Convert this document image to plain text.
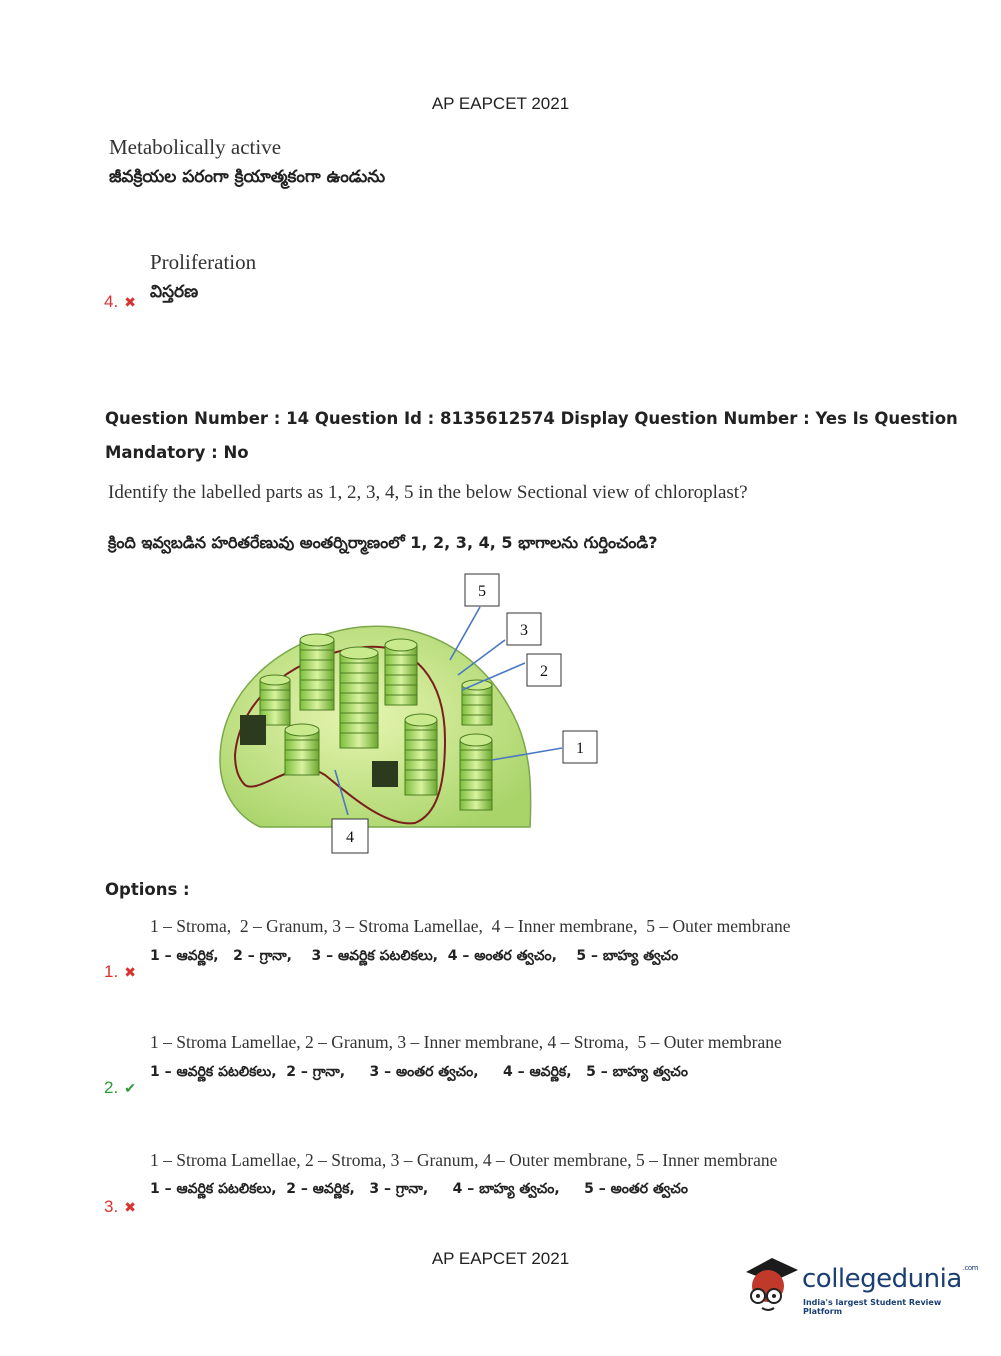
AP EAPCET 2021
Metabolically active
జీవక్రియల పరంగా క్రియాత్మకంగా ఉండును
Proliferation
విస్తరణ
4. ✖
Question Number : 14 Question Id : 8135612574 Display Question Number : Yes Is Question
Mandatory : No
Identify the labelled parts as 1, 2, 3, 4, 5 in the below Sectional view of chloroplast?
క్రింది ఇవ్వబడిన హరితరేణువు అంతర్నిర్మాణంలో 1, 2, 3, 4, 5 భాగాలను గుర్తించండి?
5
3
2
1
4
Options :
1 – Stroma,  2 – Granum, 3 – Stroma Lamellae,  4 – Inner membrane,  5 – Outer membrane
1 – ఆవర్ణిక,   2 – గ్రానా,    3 – ఆవర్ణిక పటలికలు,  4 – అంతర త్వచం,    5 – బాహ్య త్వచం
1. ✖
1 – Stroma Lamellae, 2 – Granum, 3 – Inner membrane, 4 – Stroma,  5 – Outer membrane
1 – ఆవర్ణిక పటలికలు,  2 – గ్రానా,     3 – అంతర త్వచం,     4 – ఆవర్ణిక,   5 – బాహ్య త్వచం
2. ✔
1 – Stroma Lamellae, 2 – Stroma, 3 – Granum, 4 – Outer membrane, 5 – Inner membrane
1 – ఆవర్ణిక పటలికలు,  2 – ఆవర్ణిక,   3 – గ్రానా,     4 – బాహ్య త్వచం,     5 – అంతర త్వచం
3. ✖
AP EAPCET 2021
collegedunia$^{.com}$
India's largest Student Review Platform
